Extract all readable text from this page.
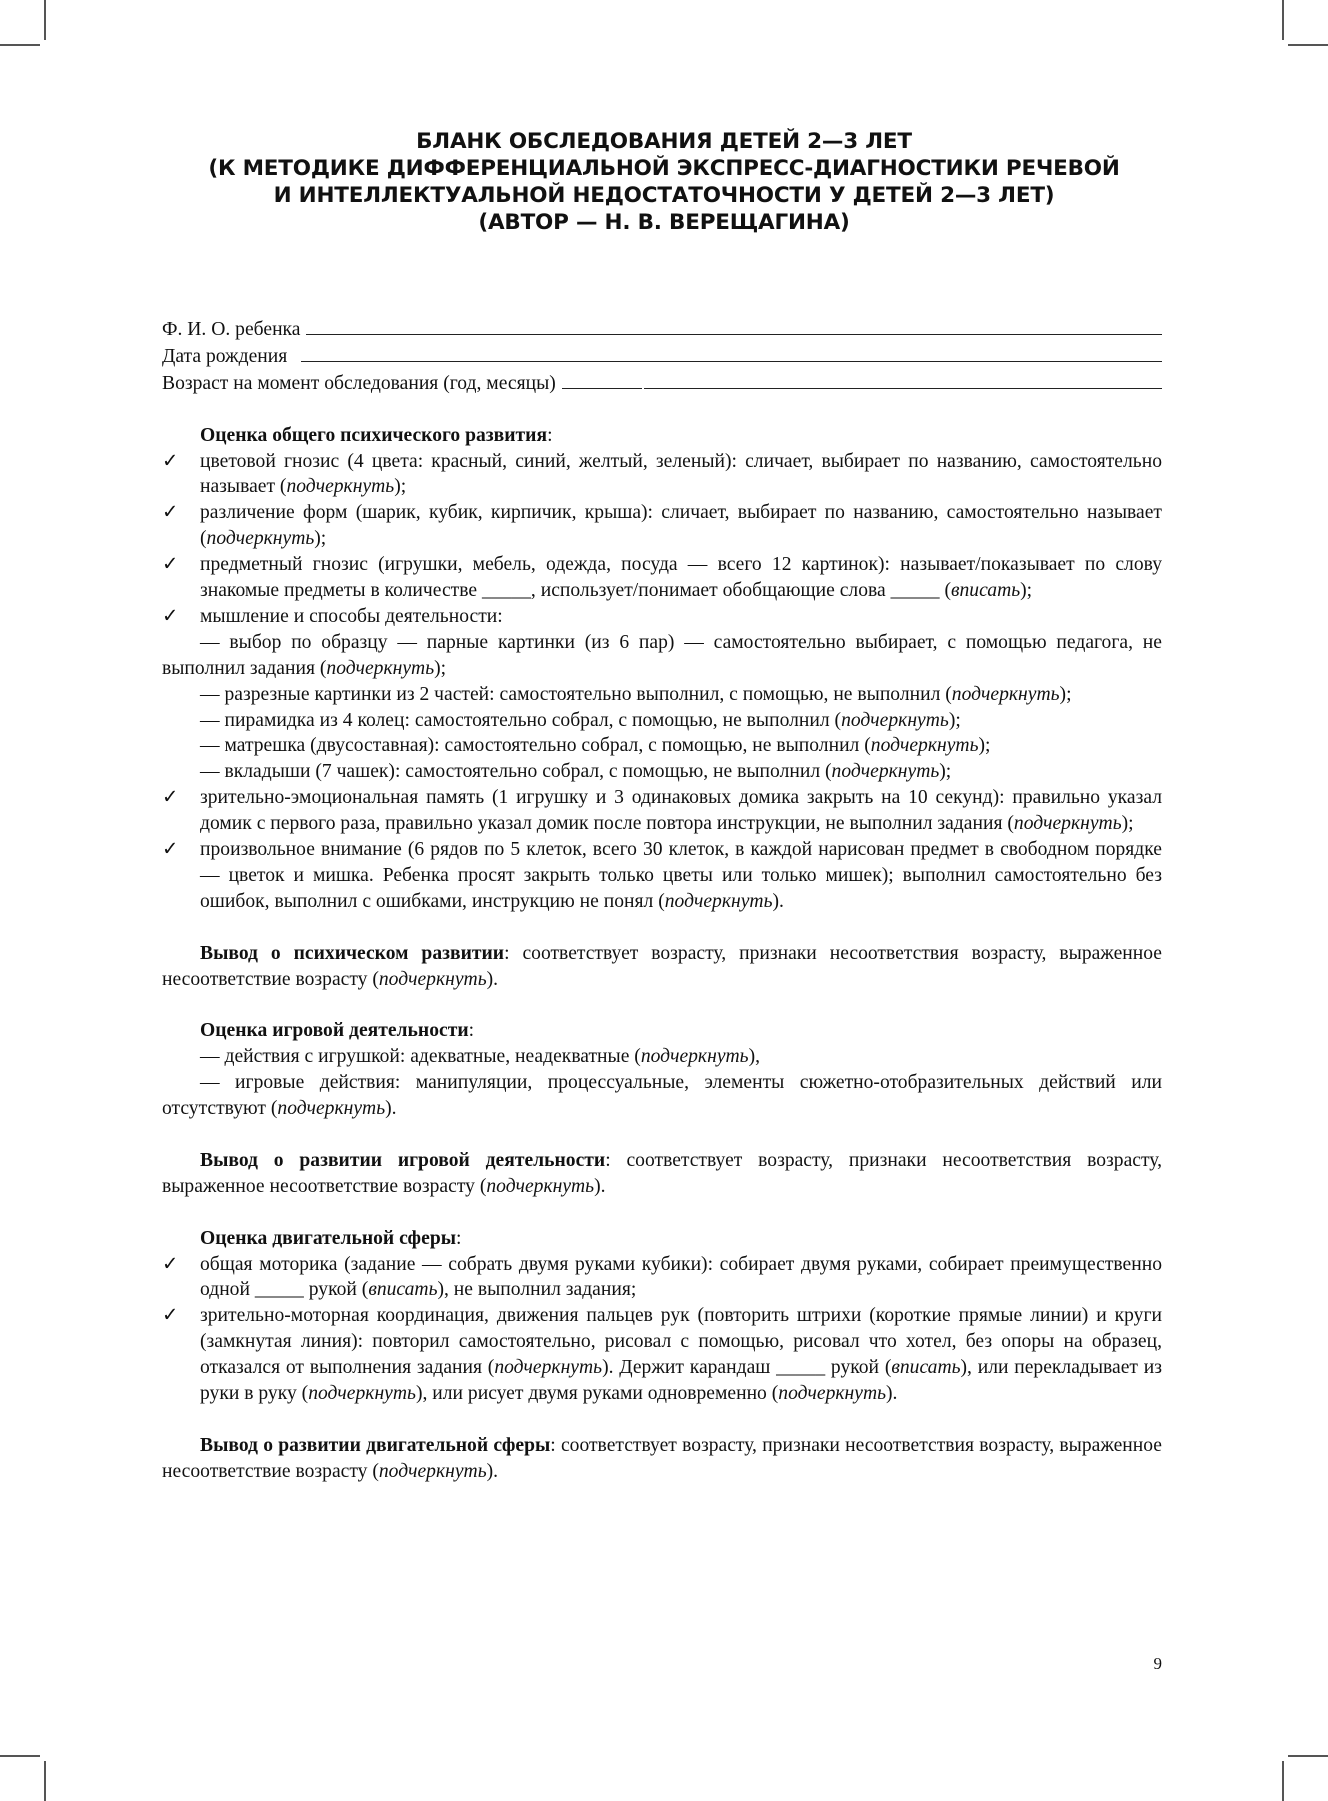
БЛАНК ОБСЛЕДОВАНИЯ ДЕТЕЙ 2—3 ЛЕТ
(К МЕТОДИКЕ ДИФФЕРЕНЦИАЛЬНОЙ ЭКСПРЕСС-ДИАГНОСТИКИ РЕЧЕВОЙ
И ИНТЕЛЛЕКТУАЛЬНОЙ НЕДОСТАТОЧНОСТИ У ДЕТЕЙ 2—3 ЛЕТ)
(АВТОР — Н. В. ВЕРЕЩАГИНА)
Ф. И. О. ребенка
Дата рождения
Возраст на момент обследования (год, месяцы)

Оценка общего психического развития:

✓	цветовой гнозис (4 цвета: красный, синий, желтый, зеленый): сличает, выбирает по названию, самостоятельно называет (подчеркнуть);

✓	различение форм (шарик, кубик, кирпичик, крыша): сличает, выбирает по названию, самостоятельно называет (подчеркнуть);

✓	предметный гнозис (игрушки, мебель, одежда, посуда — всего 12 картинок): называет/показывает по слову знакомые предметы в количестве _____, использует/понимает обобщающие слова _____ (вписать);

✓	мышление и способы деятельности:

— выбор по образцу — парные картинки (из 6 пар) — самостоятельно выбирает, с помощью педагога, не выполнил задания (подчеркнуть);

— разрезные картинки из 2 частей: самостоятельно выполнил, с помощью, не выполнил (подчеркнуть);

— пирамидка из 4 колец: самостоятельно собрал, с помощью, не выполнил (подчеркнуть);

— матрешка (двусоставная): самостоятельно собрал, с помощью, не выполнил (подчеркнуть);

— вкладыши (7 чашек): самостоятельно собрал, с помощью, не выполнил (подчеркнуть);

✓	зрительно-эмоциональная память (1 игрушку и 3 одинаковых домика закрыть на 10 секунд): правильно указал домик с первого раза, правильно указал домик после повтора инструкции, не выполнил задания (подчеркнуть);

✓	произвольное внимание (6 рядов по 5 клеток, всего 30 клеток, в каждой нарисован предмет в свободном порядке — цветок и мишка. Ребенка просят закрыть только цветы или только мишек); выполнил самостоятельно без ошибок, выполнил с ошибками, инструкцию не понял (подчеркнуть).

Вывод о психическом развитии: соответствует возрасту, признаки несоответствия возрасту, выраженное несоответствие возрасту (подчеркнуть).

Оценка игровой деятельности:

— действия с игрушкой: адекватные, неадекватные (подчеркнуть),

— игровые действия: манипуляции, процессуальные, элементы сюжетно-отобразительных действий или отсутствуют (подчеркнуть).

Вывод о развитии игровой деятельности: соответствует возрасту, признаки несоответствия возрасту, выраженное несоответствие возрасту (подчеркнуть).

Оценка двигательной сферы:

✓	общая моторика (задание — собрать двумя руками кубики): собирает двумя руками, собирает преимущественно одной _____ рукой (вписать), не выполнил задания;

✓	зрительно-моторная координация, движения пальцев рук (повторить штрихи (короткие прямые линии) и круги (замкнутая линия): повторил самостоятельно, рисовал с помощью, рисовал что хотел, без опоры на образец, отказался от выполнения задания (подчеркнуть). Держит карандаш _____ рукой (вписать), или перекладывает из руки в руку (подчеркнуть), или рисует двумя руками одновременно (подчеркнуть).

Вывод о развитии двигательной сферы: соответствует возрасту, признаки несоответствия возрасту, выраженное несоответствие возрасту (подчеркнуть).

9
